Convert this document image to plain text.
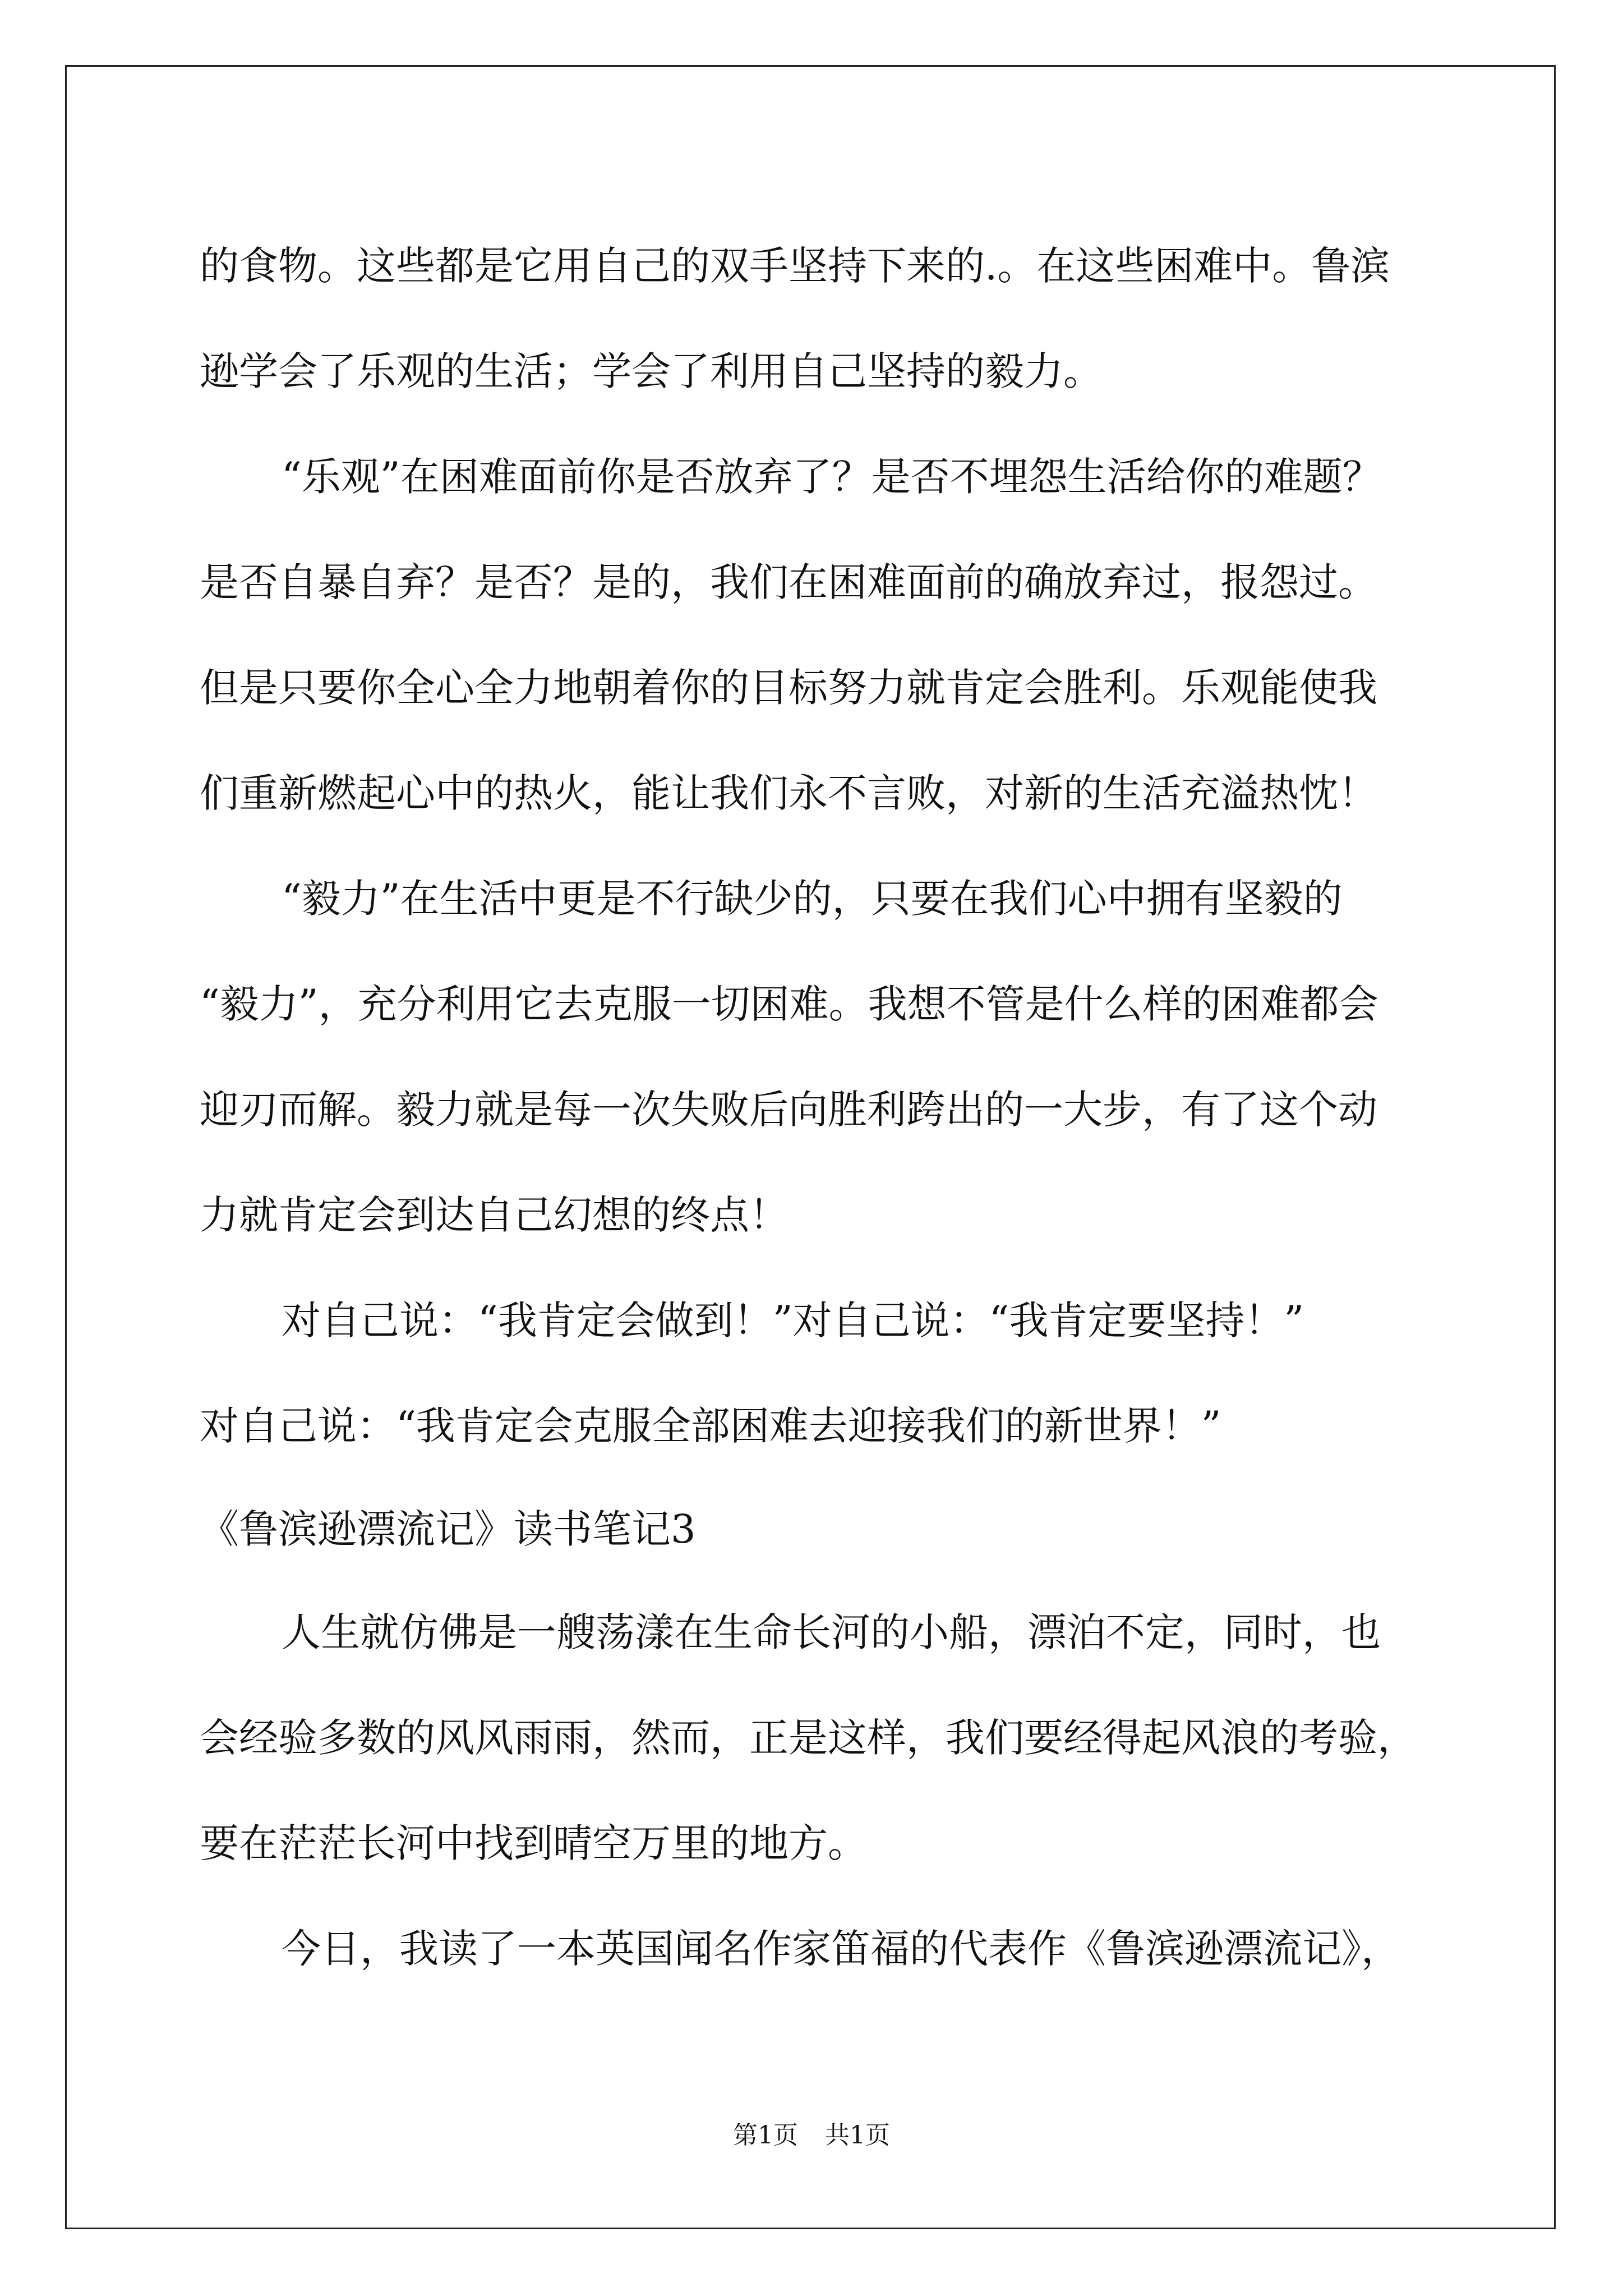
的食物。这些都是它用自己的双手坚持下来的.。在这些困难中。鲁滨
逊学会了乐观的生活；学会了利用自己坚持的毅力。
“乐观”在困难面前你是否放弃了？是否不埋怨生活给你的难题？
是否自暴自弃？是否？是的，我们在困难面前的确放弃过，报怨过。
但是只要你全心全力地朝着你的目标努力就肯定会胜利。乐观能使我
们重新燃起心中的热火，能让我们永不言败，对新的生活充溢热忱！
“毅力”在生活中更是不行缺少的，只要在我们心中拥有坚毅的
“毅力”，充分利用它去克服一切困难。我想不管是什么样的困难都会
迎刃而解。毅力就是每一次失败后向胜利跨出的一大步，有了这个动
力就肯定会到达自己幻想的终点！
对自己说：“我肯定会做到！”对自己说：“我肯定要坚持！”
对自己说：“我肯定会克服全部困难去迎接我们的新世界！”
《鲁滨逊漂流记》读书笔记3
人生就仿佛是一艘荡漾在生命长河的小船，漂泊不定，同时，也
会经验多数的风风雨雨，然而，正是这样，我们要经得起风浪的考验，
要在茫茫长河中找到晴空万里的地方。
今日，我读了一本英国闻名作家笛福的代表作《鲁滨逊漂流记》，
第1页 共1页
